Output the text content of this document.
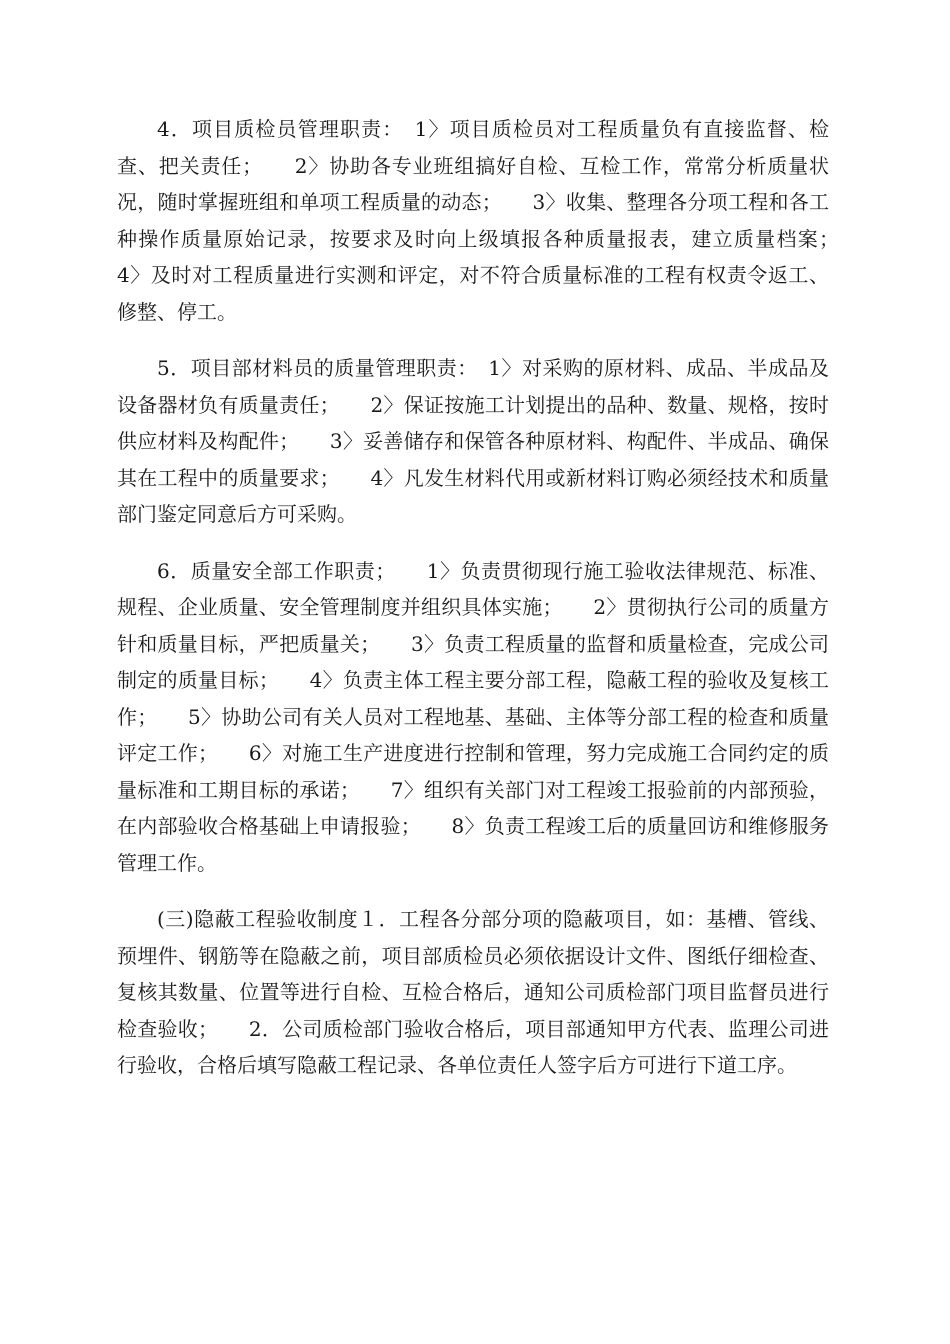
4．项目质检员管理职责：　1〉项目质检员对工程质量负有直接监督、检查、把关责任；　　2〉协助各专业班组搞好自检、互检工作，常常分析质量状况，随时掌握班组和单项工程质量的动态；　　3〉收集、整理各分项工程和各工种操作质量原始记录，按要求及时向上级填报各种质量报表，建立质量档案；　　4〉及时对工程质量进行实测和评定，对不符合质量标准的工程有权责令返工、修整、停工。

5．项目部材料员的质量管理职责：　1〉对采购的原材料、成品、半成品及设备器材负有质量责任；　　2〉保证按施工计划提出的品种、数量、规格，按时供应材料及构配件；　　3〉妥善储存和保管各种原材料、构配件、半成品、确保其在工程中的质量要求；　　4〉凡发生材料代用或新材料订购必须经技术和质量部门鉴定同意后方可采购。

6．质量安全部工作职责；　　1〉负责贯彻现行施工验收法律规范、标准、规程、企业质量、安全管理制度并组织具体实施；　　2〉贯彻执行公司的质量方针和质量目标，严把质量关；　　3〉负责工程质量的监督和质量检查，完成公司制定的质量目标；　　4〉负责主体工程主要分部工程，隐蔽工程的验收及复核工作；　　5〉协助公司有关人员对工程地基、基础、主体等分部工程的检查和质量评定工作；　　6〉对施工生产进度进行控制和管理，努力完成施工合同约定的质量标准和工期目标的承诺；　　7〉组织有关部门对工程竣工报验前的内部预验，在内部验收合格基础上申请报验；　　8〉负责工程竣工后的质量回访和维修服务管理工作。

(三)隐蔽工程验收制度１．工程各分部分项的隐蔽项目，如：基槽、管线、预埋件、钢筋等在隐蔽之前，项目部质检员必须依据设计文件、图纸仔细检查、复核其数量、位置等进行自检、互检合格后，通知公司质检部门项目监督员进行检查验收；　　2．公司质检部门验收合格后，项目部通知甲方代表、监理公司进行验收，合格后填写隐蔽工程记录、各单位责任人签字后方可进行下道工序。
